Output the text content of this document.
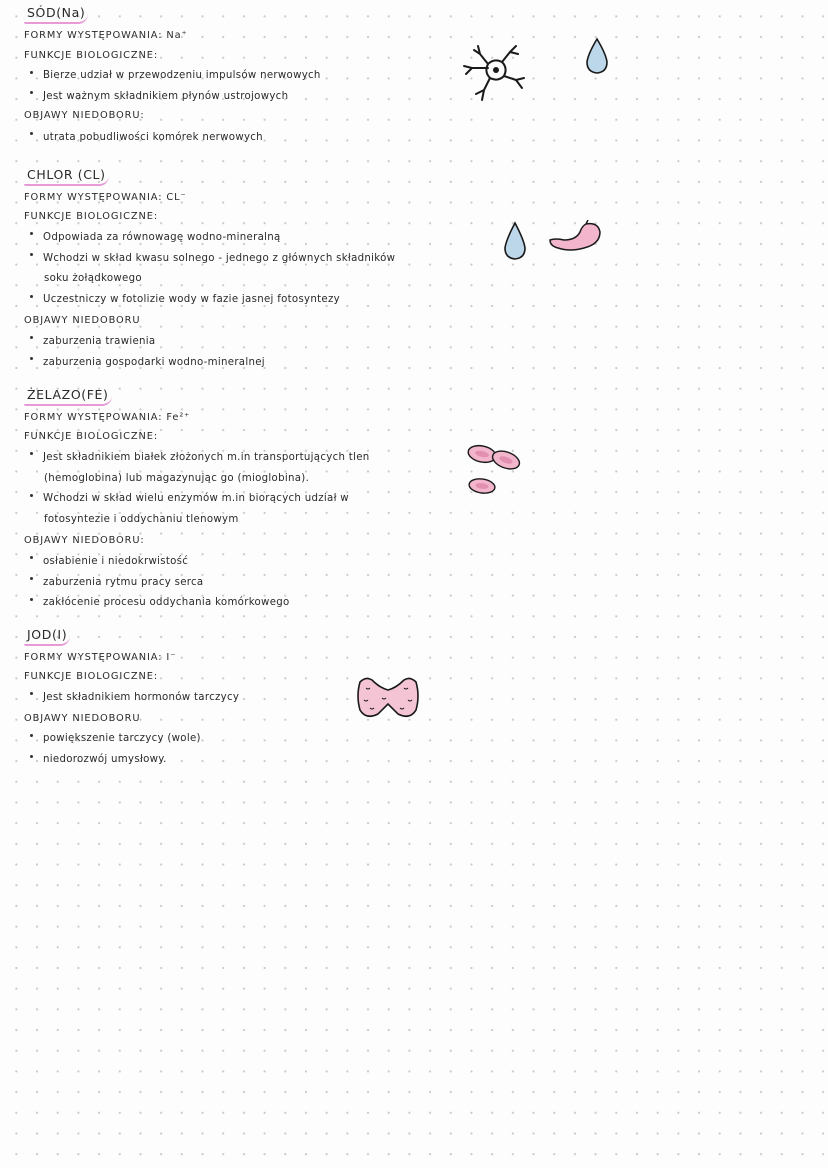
SÓD(Na)
FORMY WYSTĘPOWANIA: Na⁺
FUNKCJE BIOLOGICZNE:
Bierze udział w przewodzeniu impulsów nerwowych
Jest ważnym składnikiem płynów ustrojowych
OBJAWY NIEDOBORU:
utrata pobudliwości komórek nerwowych
CHLOR (CL)
FORMY WYSTĘPOWANIA: CL⁻
FUNKCJE BIOLOGICZNE:
Odpowiada za równowagę wodno-mineralną
Wchodzi w skład kwasu solnego - jednego z głównych składników
soku żołądkowego
Uczestniczy w fotolizie wody w fazie jasnej fotosyntezy
OBJAWY NIEDOBORU
zaburzenia trawienia
zaburzenia gospodarki wodno-mineralnej
ŻELAZO(FE)
FORMY WYSTĘPOWANIA: Fe²⁺
FUNKCJE BIOLOGICZNE:
Jest składnikiem białek złożonych m.in transportujących tlen
(hemoglobina) lub magazynując go (mioglobina).
Wchodzi w skład wielu enzymów m.in biorących udział w
fotosyntezie i oddychaniu tlenowym
OBJAWY NIEDOBORU:
osłabienie i niedokrwistość
zaburzenia rytmu pracy serca
zakłócenie procesu oddychania komórkowego
JOD(I)
FORMY WYSTĘPOWANIA: I⁻
FUNKCJE BIOLOGICZNE:
Jest składnikiem hormonów tarczycy
OBJAWY NIEDOBORU
powiększenie tarczycy (wole)
niedorozwój umysłowy.
